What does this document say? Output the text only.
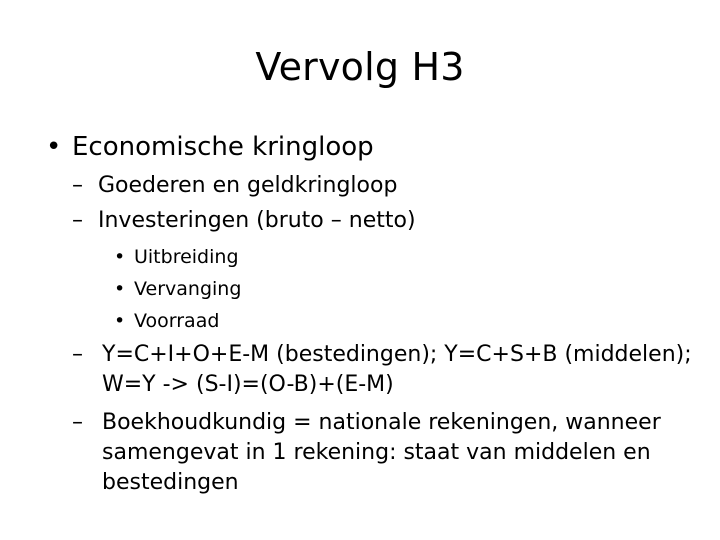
Vervolg H3
• Economische kringloop
– Goederen en geldkringloop
– Investeringen (bruto – netto)
• Uitbreiding
• Vervanging
• Voorraad
– Y=C+I+O+E-M (bestedingen); Y=C+S+B (middelen);
W=Y -> (S-I)=(O-B)+(E-M)
– Boekhoudkundig = nationale rekeningen, wanneer
samengevat in 1 rekening: staat van middelen en
bestedingen
